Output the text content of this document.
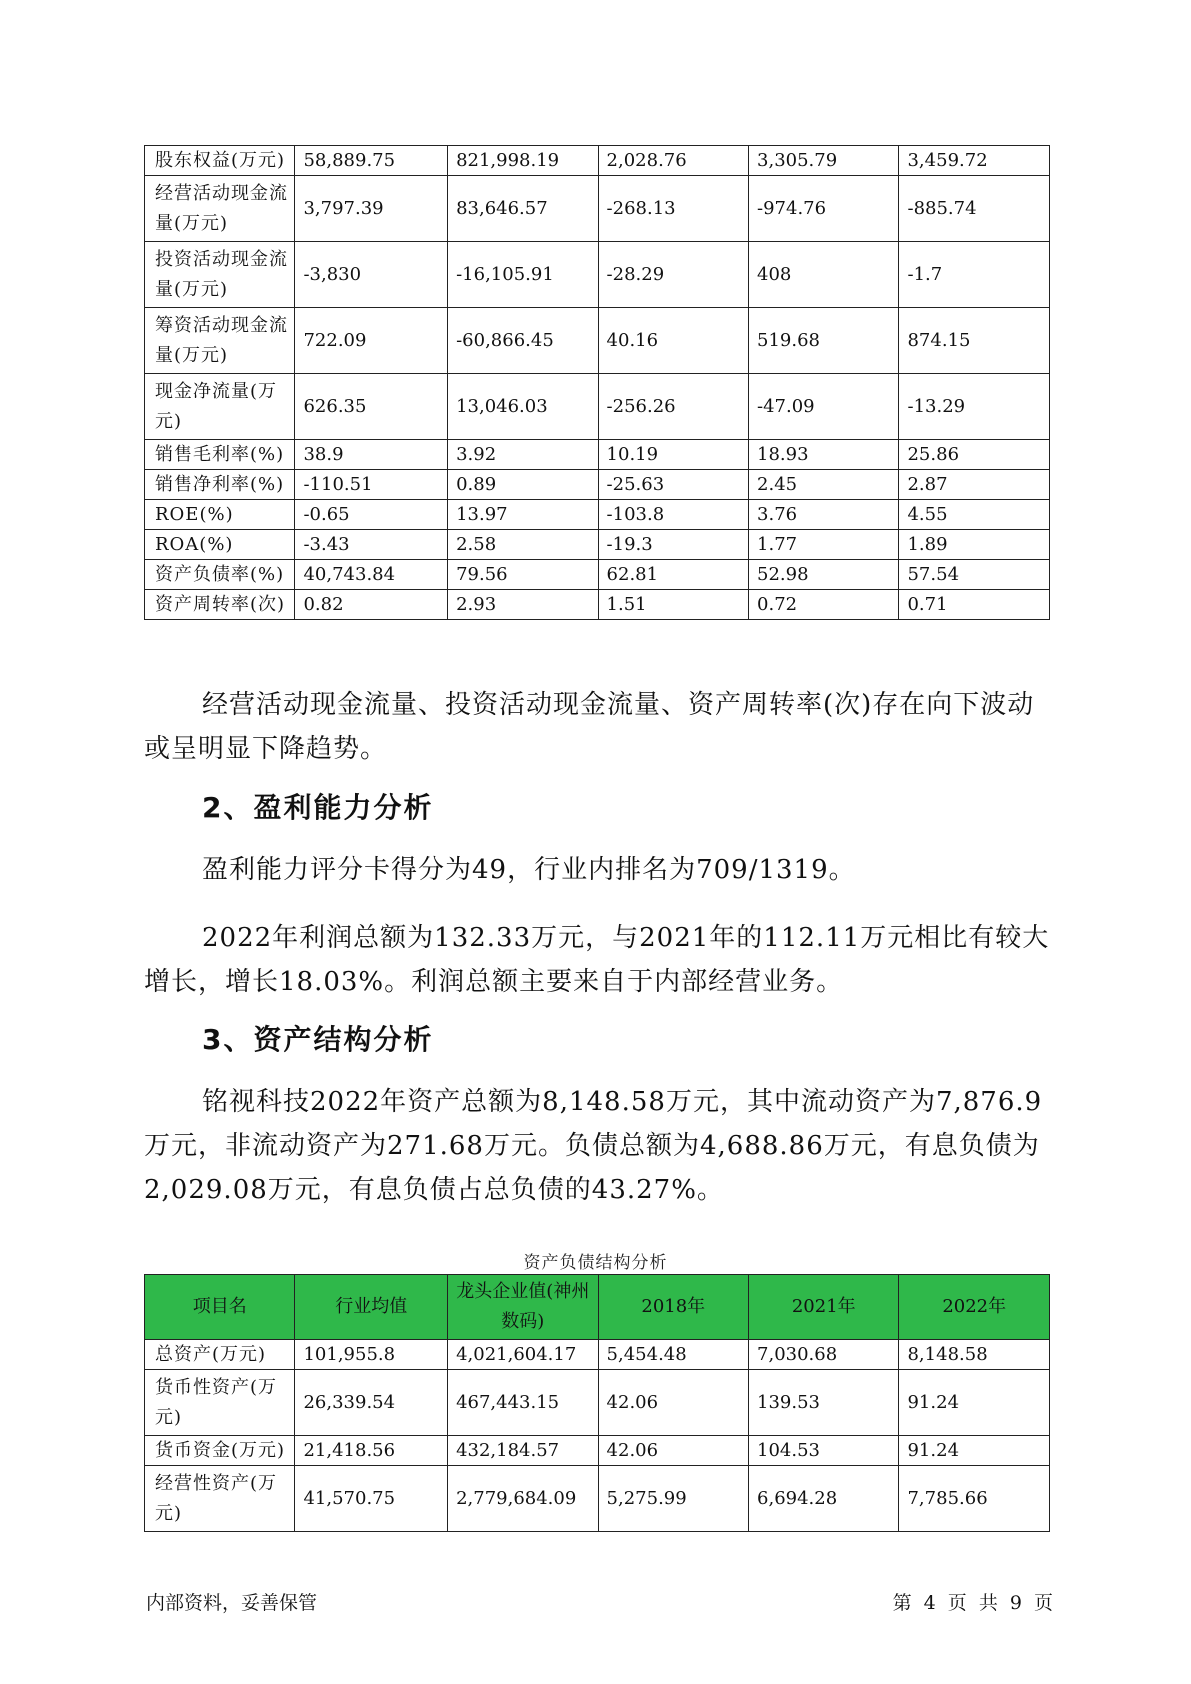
股东权益(万元)	58,889.75	821,998.19	2,028.76	3,305.79	3,459.72
经营活动现金流量(万元)	3,797.39	83,646.57	-268.13	-974.76	-885.74
投资活动现金流量(万元)	-3,830	-16,105.91	-28.29	408	-1.7
筹资活动现金流量(万元)	722.09	-60,866.45	40.16	519.68	874.15
现金净流量(万元)	626.35	13,046.03	-256.26	-47.09	-13.29
销售毛利率(%)	38.9	3.92	10.19	18.93	25.86
销售净利率(%)	-110.51	0.89	-25.63	2.45	2.87
ROE(%)	-0.65	13.97	-103.8	3.76	4.55
ROA(%)	-3.43	2.58	-19.3	1.77	1.89
资产负债率(%)	40,743.84	79.56	62.81	52.98	57.54
资产周转率(次)	0.82	2.93	1.51	0.72	0.71

经营活动现金流量、投资活动现金流量、资产周转率(次)存在向下波动或呈明显下降趋势。

2、盈利能力分析

盈利能力评分卡得分为49，行业内排名为709/1319。

2022年利润总额为132.33万元，与2021年的112.11万元相比有较大增长，增长18.03%。利润总额主要来自于内部经营业务。

3、资产结构分析

铭视科技2022年资产总额为8,148.58万元，其中流动资产为7,876.9万元，非流动资产为271.68万元。负债总额为4,688.86万元，有息负债为2,029.08万元，有息负债占总负债的43.27%。

资产负债结构分析
项目名	行业均值	龙头企业值(神州数码)	2018年	2021年	2022年
总资产(万元)	101,955.8	4,021,604.17	5,454.48	7,030.68	8,148.58
货币性资产(万元)	26,339.54	467,443.15	42.06	139.53	91.24
货币资金(万元)	21,418.56	432,184.57	42.06	104.53	91.24
经营性资产(万元)	41,570.75	2,779,684.09	5,275.99	6,694.28	7,785.66
内部资料，妥善保管	第 4 页 共 9 页
